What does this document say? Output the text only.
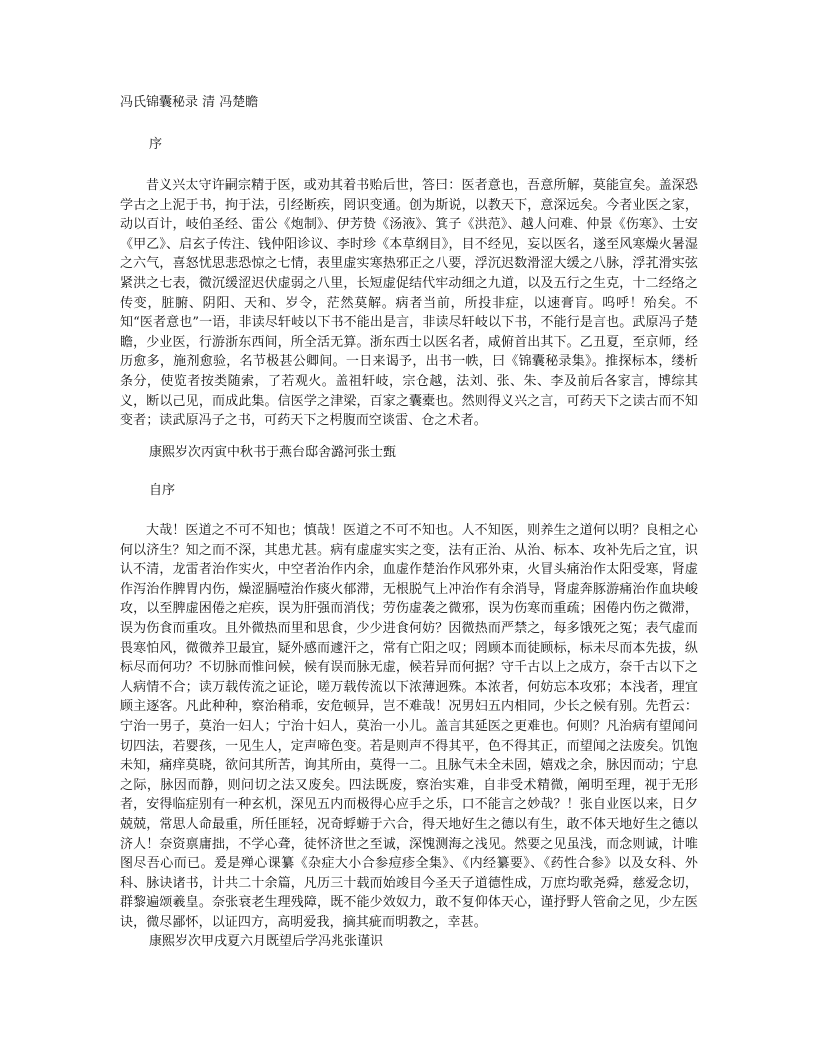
冯氏锦囊秘录 清 冯楚瞻
序

昔义兴太守许嗣宗精于医，或劝其着书贻后世，答曰：医者意也，吾意所解，莫能宣矣。盖深恐学古之上泥于书，拘于法，引经断疾，罔识变通。创为斯说，以教天下，意深远矣。今者业医之家，动以百计，岐伯圣经、雷公《炮制》、伊芳贽《汤液》、箕子《洪范》、越人问难、仲景《伤寒》、士安《甲乙》、启玄子传注、钱仲阳诊议、李时珍《本草纲目》，目不经见，妄以医名，遂至风寒燥火暑湿之六气，喜怒忧思悲恐惊之七情，表里虚实寒热邪正之八要，浮沉迟数滑涩大缓之八脉，浮芤滑实弦紧洪之七表，微沉缓涩迟伏虚弱之八里，长短虚促结代牢动细之九道，以及五行之生克，十二经络之传变，脏腑、阴阳、天和、岁令，茫然莫解。病者当前，所投非症，以速膏肓。呜呼！殆矣。不知“医者意也”一语，非读尽轩岐以下书不能出是言，非读尽轩岐以下书，不能行是言也。武原冯子楚瞻，少业医，行游浙东西间，所全活无算。浙东西士以医名者，咸俯首出其下。乙丑夏，至京师，经历愈多，施剂愈验，名节极甚公卿间。一日来谒予，出书一帙，曰《锦囊秘录集》。推探标本，缕析条分，使览者按类随索，了若观火。盖祖轩岐，宗仓越，法刘、张、朱、李及前后各家言，博综其义，断以己见，而成此集。信医学之津梁，百家之囊橐也。然则得义兴之言，可药天下之读古而不知变者；读武原冯子之书，可药天下之枵腹而空谈雷、仓之术者。

康熙岁次丙寅中秋书于燕台邸舍潞河张士甄
自序

大哉！医道之不可不知也；慎哉！医道之不可不知也。人不知医，则养生之道何以明？良相之心何以济生？知之而不深，其患尤甚。病有虚虚实实之变，法有正治、从治、标本、攻补先后之宜，识认不清，龙雷者治作实火，中空者治作内余，血虚作楚治作风邪外束，火冒头痛治作太阳受寒，肾虚作泻治作脾胃内伤，燥涩膈噎治作痰火郁滞，无根脱气上冲治作有余消导，肾虚奔豚游痛治作血块峻攻，以至脾虚困倦之疟疾，误为肝强而消伐；劳伤虚袭之微邪，误为伤寒而重疏；困倦内伤之微滞，误为伤食而重攻。且外微热而里和思食，少少进食何妨？因微热而严禁之，每多饿死之冤；表气虚而畏寒怕风，微微养卫最宜，疑外感而遽汗之，常有亡阳之叹；罔顾本而徒顾标，标未尽而本先拔，纵标尽而何功？不切脉而惟问候，候有误而脉无虚，候若异而何据？守千古以上之成方，奈千古以下之人病情不合；读万载传流之证论，嗟万载传流以下浓薄迥殊。本浓者，何妨忘本攻邪；本浅者，理宜顾主逐客。凡此种种，察治稍乖，安危顿异，岂不难哉！况男妇五内相同，少长之候有别。先哲云：宁治一男子，莫治一妇人；宁治十妇人，莫治一小儿。盖言其延医之更难也。何则？凡治病有望闻问切四法，若婴孩，一见生人，定声啼色变。若是则声不得其平，色不得其正，而望闻之法废矣。饥饱未知，痛痒莫晓，欲问其所苦，询其所由，莫得一二。且脉气未全未固，嬉戏之余，脉因而动；宁息之际，脉因而静，则问切之法又废矣。四法既废，察治实难，自非受术精微，阐明至理，视于无形者，安得临症别有一种玄机，深见五内而极得心应手之乐，口不能言之妙哉？！张自业医以来，日夕兢兢，常思人命最重，所任匪轻，况奇蜉蝣于六合，得天地好生之德以有生，敢不体天地好生之德以济人！奈资禀庸拙，不学心聋，徒怀济世之至诚，深愧测海之浅见。然要之见虽浅，而念则诚，计唯图尽吾心而已。爰是殚心课纂《杂症大小合参痘疹全集》、《内经纂要》、《药性合参》以及女科、外科、脉诀诸书，计共二十余篇，凡历三十载而始竣目今圣天子道德性成，万庶均歌尧舜，慈爱念切，群黎遍颂羲皇。奈张衰老生理残障，既不能少效奴力，敢不复仰体天心，谨抒野人管俞之见，少左医诀，微尽鄙怀，以证四方，高明爱我，摘其疵而明教之，幸甚。

康熙岁次甲戌夏六月既望后学冯兆张谨识
